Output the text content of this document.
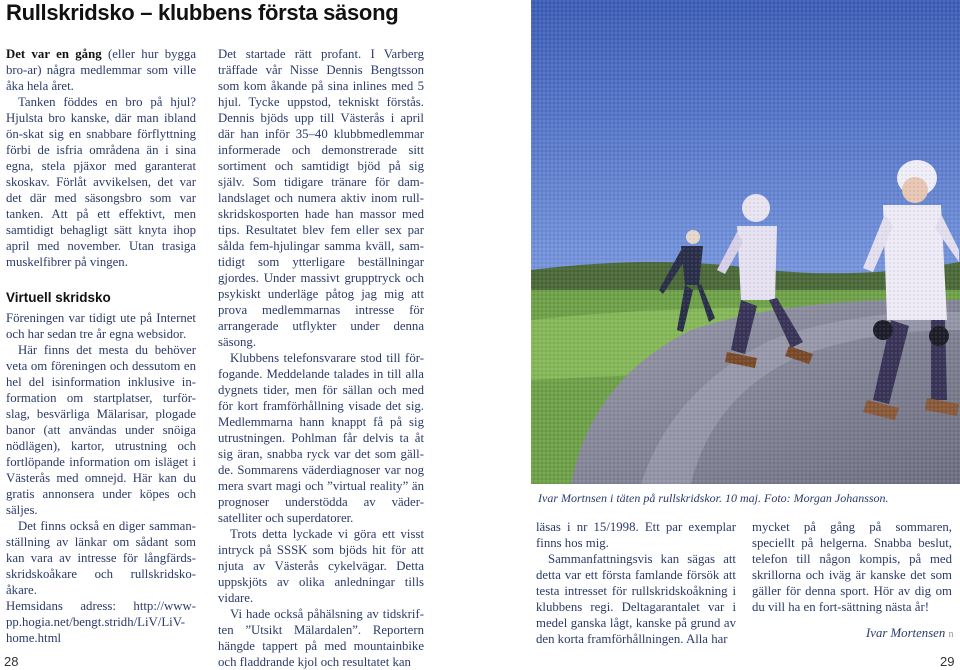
Rullskridsko – klubbens första säsong

Det var en gång (eller hur bygga bro-ar) några medlemmar som ville åka hela året.

Tanken föddes en bro på hjul? Hjulsta bro kanske, där man ibland ön-skat sig en snabbare förflyttning förbi de isfria områdena än i sina egna, stela pjäxor med garanterat skoskav. Förlåt avvikelsen, det var det där med säsongsbro som var tanken. Att på ett effektivt, men samtidigt behagligt sätt knyta ihop april med november. Utan trasiga muskelfibrer på vingen.

Virtuell skridsko

Föreningen var tidigt ute på Internet och har sedan tre år egna websidor.

Här finns det mesta du behöver veta om föreningen och dessutom en hel del isinformation inklusive in-formation om startplatser, turför-slag, besvärliga Mälarisar, plogade banor (att användas under snöiga nödlägen), kartor, utrustning och fortlöpande information om isläget i Västerås med omnejd. Här kan du gratis annonsera under köpes och säljes.

Det finns också en diger samman-ställning av länkar om sådant som kan vara av intresse för långfärds-skridskoåkare och rullskridsko-åkare.

Hemsidans adress: http://www-pp.hogia.net/bengt.stridh/LiV/LiV-home.html

Det startade rätt profant. I Varberg träffade vår Nisse Dennis Bengtsson som kom åkande på sina inlines med 5 hjul. Tycke uppstod, tekniskt förstås. Dennis bjöds upp till Västerås i april där han inför 35–40 klubbmedlemmar informerade och demonstrerade sitt sortiment och samtidigt bjöd på sig själv. Som tidigare tränare för dam-landslaget och numera aktiv inom rull-skridskosporten hade han massor med tips. Resultatet blev fem eller sex par sålda fem-hjulingar samma kväll, sam-tidigt som ytterligare beställningar gjordes. Under massivt grupptryck och psykiskt underläge påtog jag mig att prova medlemmarnas intresse för arrangerade utflykter under denna säsong.

Klubbens telefonsvarare stod till för-fogande. Meddelande talades in till alla dygnets tider, men för sällan och med för kort framförhållning visade det sig. Medlemmarna hann knappt få på sig utrustningen. Pohlman får delvis ta åt sig äran, snabba ryck var det som gäll-de. Sommarens väderdiagnoser var nog mera svart magi och ”virtual reality” än prognoser understödda av väder-satelliter och superdatorer.

Trots detta lyckade vi göra ett visst intryck på SSSK som bjöds hit för att njuta av Västerås cykelvägar. Detta uppskjöts av olika anledningar tills vidare.

Vi hade också påhälsning av tidskrif-ten ”Utsikt Mälardalen”. Reportern hängde tappert på med mountainbike och fladdrande kjol och resultatet kan

Ivar Mortnsen i täten på rullskridskor. 10 maj. Foto: Morgan Johansson.

läsas i nr 15/1998. Ett par exemplar finns hos mig.

Sammanfattningsvis kan sägas att detta var ett första famlande försök att testa intresset för rullskridskoåkning i klubbens regi. Deltagarantalet var i medel ganska lågt, kanske på grund av den korta framförhållningen. Alla har

mycket på gång på sommaren, speciellt på helgerna. Snabba beslut, telefon till någon kompis, på med skrillorna och iväg är kanske det som gäller för denna sport. Hör av dig om du vill ha en fort-sättning nästa år!

Ivar Mortensen n
28	29
